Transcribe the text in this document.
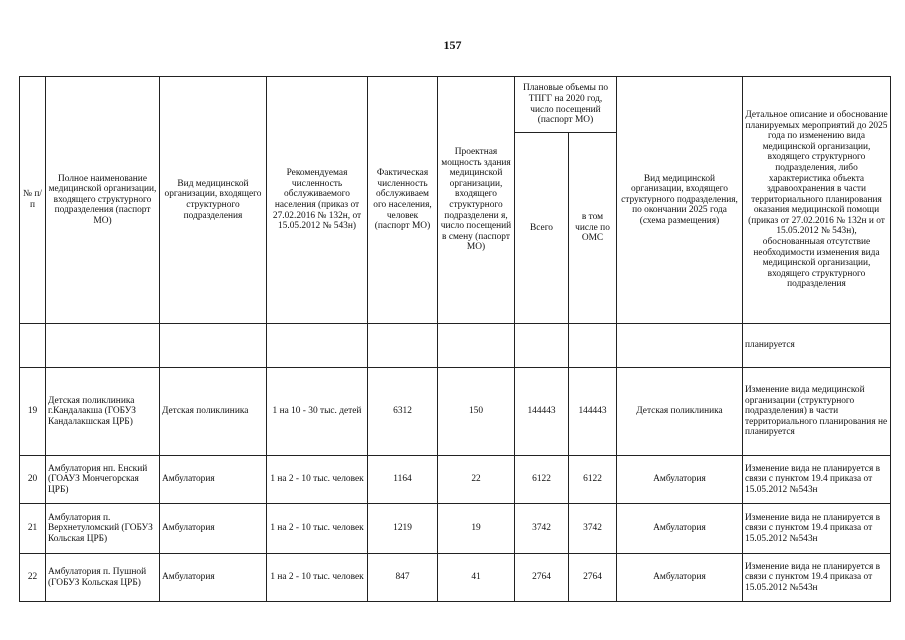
157
№ п/п	Полное наименование медицинской организации, входящего структурного подразделения (паспорт МО)	Вид медицинской организации, входящего структурного подразделения	Рекомендуемая численность обслуживаемого населения (приказ от 27.02.2016 № 132н, от 15.05.2012 № 543н)	Фактическая численность обслуживаем ого населения, человек (паспорт МО)	Проектная мощность здания медицинской организации, входящего структурного подразделени я, число посещений в смену (паспорт МО)	Плановые объемы по ТПГГ на 2020 год, число посещений (паспорт МО)		Вид медицинской организации, входящего структурного подразделения, по окончании 2025 года (схема размещения)	Детальное описание и обоснование планируемых мероприятий до 2025 года по изменению вида медицинской организации, входящего структурного подразделения, либо характеристика объекта здравоохранения в части территориального планирования оказания медицинской помощи (приказ от 27.02.2016 № 132н и от 15.05.2012 № 543н), обоснованныая отсутствие необходимости изменения вида медицинской организации, входящего структурного подразделения
						Всего	в том числе по ОМС		
									планируется
19	Детская поликлиника г.Кандалакша (ГОБУЗ Кандалакшская ЦРБ)	Детская поликлиника	1 на 10 - 30 тыс. детей	6312	150	144443	144443	Детская поликлиника	Изменение вида медицинской организации (структурного подразделения) в части территориального планирования не планируется
20	Амбулатория нп. Енский (ГОАУЗ Мончегорская ЦРБ)	Амбулатория	1 на 2 - 10 тыс. человек	1164	22	6122	6122	Амбулатория	Изменение вида не планируется в связи с пунктом 19.4 приказа от 15.05.2012 №543н
21	Амбулатория п. Верхнетуломский (ГОБУЗ Кольская ЦРБ)	Амбулатория	1 на 2 - 10 тыс. человек	1219	19	3742	3742	Амбулатория	Изменение вида не планируется в связи с пунктом 19.4 приказа от 15.05.2012 №543н
22	Амбулатория п. Пушной (ГОБУЗ Кольская ЦРБ)	Амбулатория	1 на 2 - 10 тыс. человек	847	41	2764	2764	Амбулатория	Изменение вида не планируется в связи с пунктом 19.4 приказа от 15.05.2012 №543н
